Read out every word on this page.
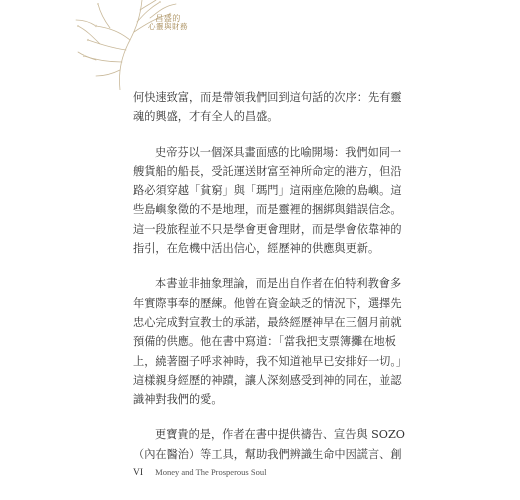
昌盛的
心靈與財務

何快速致富，而是帶領我們回到這句話的次序：先有靈
魂的興盛，才有全人的昌盛。

史帝芬以一個深具畫面感的比喻開場：我們如同一
艘貨船的船長，受託運送財富至神所命定的港方，但沿
路必須穿越「貧窮」與「瑪門」這兩座危險的島嶼。這
些島嶼象徵的不是地理，而是靈裡的捆綁與錯誤信念。
這一段旅程並不只是學會更會理財，而是學會依靠神的
指引，在危機中活出信心，經歷神的供應與更新。

本書並非抽象理論，而是出自作者在伯特利教會多
年實際事奉的歷練。他曾在資金缺乏的情況下，選擇先
忠心完成對宣教士的承諾，最終經歷神早在三個月前就
預備的供應。他在書中寫道：「當我把支票簿攤在地板
上，繞著圈子呼求神時，我不知道祂早已安排好一切。」
這樣親身經歷的神蹟，讓人深刻感受到神的同在，並認
識神對我們的愛。

更寶貴的是，作者在書中提供禱告、宣告與 SOZO
（內在醫治）等工具，幫助我們辨識生命中因謊言、創

VI Money and The Prosperous Soul
